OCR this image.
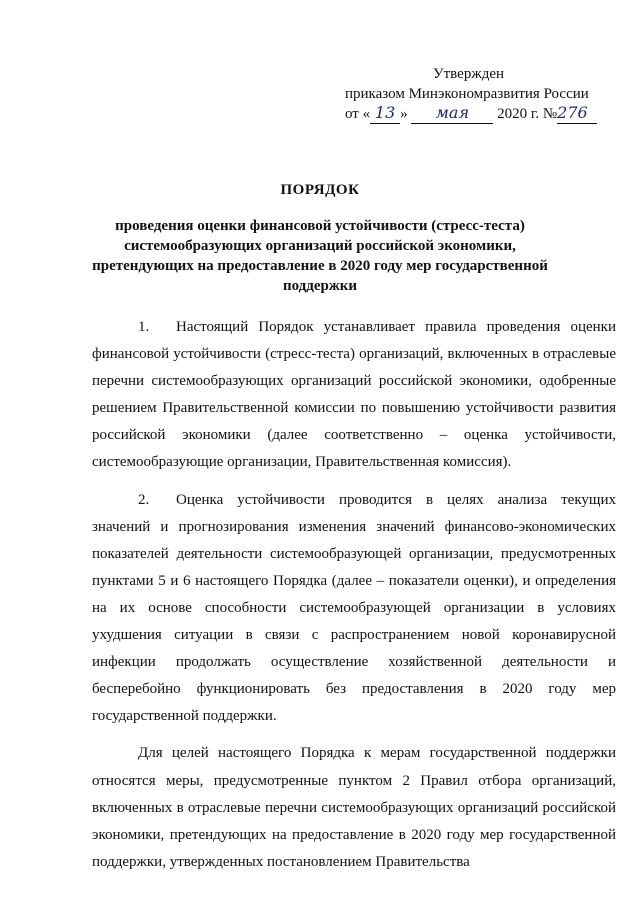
Утвержден
приказом Минэкономразвития России
от « 13 » мая 2020 г. №276
ПОРЯДОК
проведения оценки финансовой устойчивости (стресс-теста) системообразующих организаций российской экономики, претендующих на предоставление в 2020 году мер государственной поддержки

1. Настоящий Порядок устанавливает правила проведения оценки финансовой устойчивости (стресс-теста) организаций, включенных в отраслевые перечни системообразующих организаций российской экономики, одобренные решением Правительственной комиссии по повышению устойчивости развития российской экономики (далее соответственно – оценка устойчивости, системообразующие организации, Правительственная комиссия).

2. Оценка устойчивости проводится в целях анализа текущих значений и прогнозирования изменения значений финансово-экономических показателей деятельности системообразующей организации, предусмотренных пунктами 5 и 6 настоящего Порядка (далее – показатели оценки), и определения на их основе способности системообразующей организации в условиях ухудшения ситуации в связи с распространением новой коронавирусной инфекции продолжать осуществление хозяйственной деятельности и бесперебойно функционировать без предоставления в 2020 году мер государственной поддержки.

Для целей настоящего Порядка к мерам государственной поддержки относятся меры, предусмотренные пунктом 2 Правил отбора организаций, включенных в отраслевые перечни системообразующих организаций российской экономики, претендующих на предоставление в 2020 году мер государственной поддержки, утвержденных постановлением Правительства
